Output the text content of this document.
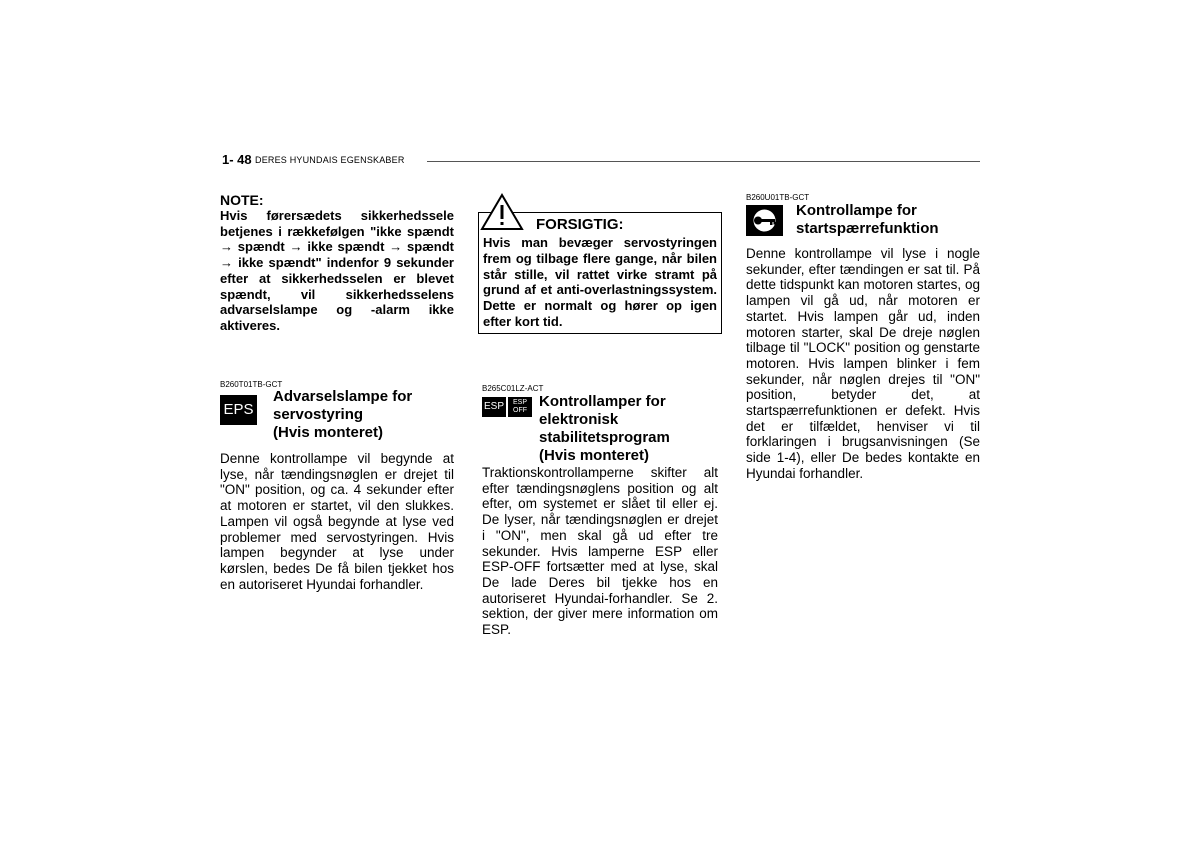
1- 48 DERES HYUNDAIS EGENSKABER
NOTE:
Hvis førersædets sikkerhedssele betjenes i rækkefølgen "ikke spændt → spændt → ikke spændt → spændt → ikke spændt" indenfor 9 sekunder efter at sikkerhedsselen er blevet spændt, vil sikkerhedsselens advarselslampe og -alarm ikke aktiveres.
B260T01TB-GCT
EPS
Advarselslampe for
servostyring
(Hvis monteret)
Denne kontrollampe vil begynde at lyse, når tændingsnøglen er drejet til "ON" position, og ca. 4 sekunder efter at motoren er startet, vil den slukkes. Lampen vil også begynde at lyse ved problemer med servostyringen. Hvis lampen begynder at lyse under kørslen, bedes De få bilen tjekket hos en autoriseret Hyundai forhandler.
FORSIGTIG:
Hvis man bevæger servostyringen frem og tilbage flere gange, når bilen står stille, vil rattet virke stramt på grund af et anti-overlastningssystem. Dette er normalt og hører op igen efter kort tid.
B265C01LZ-ACT
ESP	ESP
OFF
Kontrollamper for
elektronisk
stabilitetsprogram
(Hvis monteret)
Traktionskontrollamperne skifter alt efter tændingsnøglens position og alt efter, om systemet er slået til eller ej. De lyser, når tændingsnøglen er drejet i "ON", men skal gå ud efter tre sekunder. Hvis lamperne ESP eller ESP-OFF fortsætter med at lyse, skal De lade Deres bil tjekke hos en autoriseret Hyundai-forhandler. Se 2. sektion, der giver mere information om ESP.
B260U01TB-GCT
Kontrollampe for
startspærrefunktion
Denne kontrollampe vil lyse i nogle sekunder, efter tændingen er sat til. På dette tidspunkt kan motoren startes, og lampen vil gå ud, når motoren er startet. Hvis lampen går ud, inden motoren starter, skal De dreje nøglen tilbage til "LOCK" position og genstarte motoren. Hvis lampen blinker i fem sekunder, når nøglen drejes til "ON" position, betyder det, at startspærrefunktionen er defekt. Hvis det er tilfældet, henviser vi til forklaringen i brugsanvisningen (Se side 1-4), eller De bedes kontakte en Hyundai forhandler.
